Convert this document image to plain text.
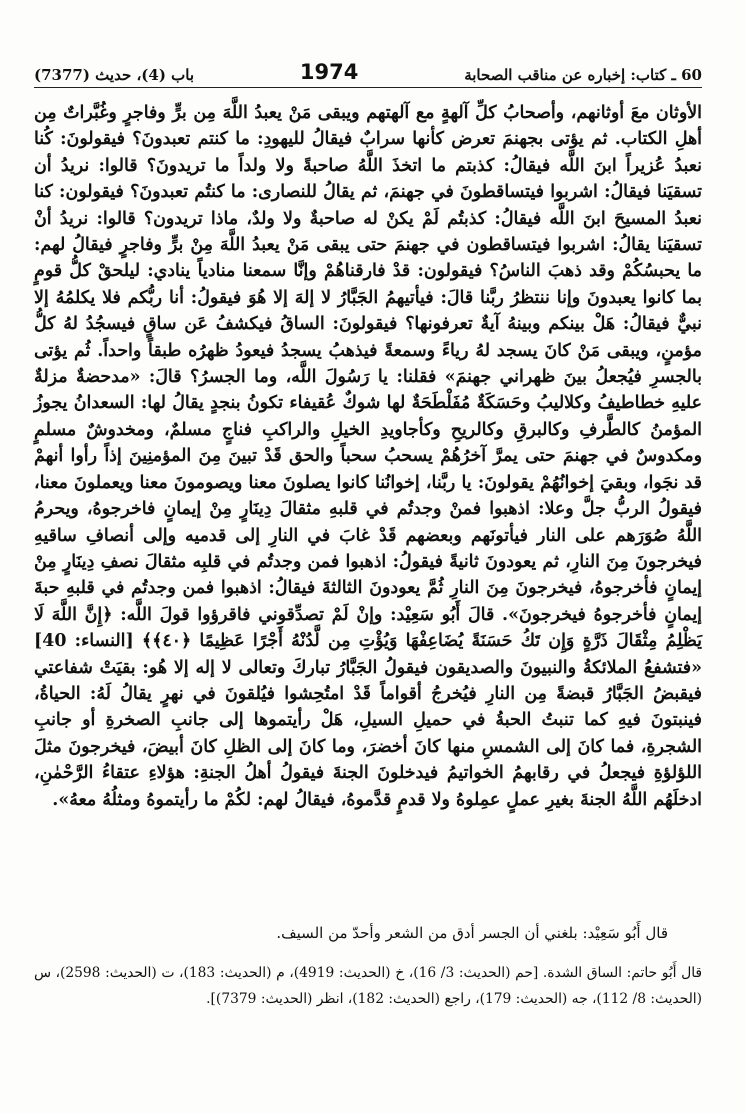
باب (4)، حديث (7377)	1974	60 ـ كتاب: إخباره عن مناقب الصحابة

الأوثان معَ أوثانهم، وأصحابُ كلِّ آلهةٍ مع آلهتهم ويبقى مَنْ يعبدُ اللَّهَ مِن برٍّ وفاجرٍ وغُبَّراتٌ مِن أهلِ الكتاب. ثم يؤتى بجهنمَ تعرض كأنها سرابٌ فيقالُ لليهودِ: ما كنتم تعبدونَ؟ فيقولونَ: كُنا نعبدُ عُزيراً ابنَ اللَّه فيقالُ: كذبتم ما اتخذَ اللَّهُ صاحبةً ولا ولداً ما تريدونَ؟ قالوا: نريدُ أن تسقيَنا فيقالُ: اشربوا فيتساقطونَ في جهنمَ، ثم يقالُ للنصارى: ما كنتُم تعبدونَ؟ فيقولون: كنا نعبدُ المسيحَ ابنَ اللَّه فيقالُ: كذبتُم لَمْ يكنْ له صاحبةٌ ولا ولدٌ، ماذا تريدون؟ قالوا: نريدُ أنْ تسقيَنا يقالُ: اشربوا فيتساقطون في جهنمَ حتى يبقى مَنْ يعبدُ اللَّهَ مِنْ برٍّ وفاجرٍ فيقالُ لهم: ما يحبسُكُمْ وقد ذهبَ الناسُ؟ فيقولون: قدْ فارقناهُمْ وإنَّا سمعنا منادياً ينادي: ليلحقْ كلُّ قومٍ بما كانوا يعبدونَ وإنا ننتظرُ ربَّنا قالَ: فيأتيهمُ الجَبَّارُ لا إلهَ إلا هُوَ فيقولُ: أنا ربُّكم فلا يكلمُهُ إلا نبيٌّ فيقالُ: هَلْ بينكم وبينهُ آيةٌ تعرفونها؟ فيقولونَ: الساقُ فيكشفُ عَن ساقٍ فيسجُدُ لهُ كلُّ مؤمنٍ، ويبقى مَنْ كانَ يسجد لهُ رياءً وسمعةً فيذهبُ يسجدُ فيعودُ ظهرُه طبقاً واحداً. ثُم يؤتى بالجسرِ فيُجعلُ بينَ ظهراني جهنمَ» فقلنا: يا رَسُولَ اللَّه، وما الجسرُ؟ قالَ: «مدحضةٌ مزلةٌ عليهِ خطاطيفُ وكلاليبُ وحَسَكَةٌ مُفَلْطَحَةٌ لها شوكٌ عُقيفاء تكونُ بنجدٍ يقالُ لها: السعدانُ يجوزُ المؤمنُ كالطَّرفِ وكالبرقِ وكالريحِ وكأجاويدِ الخيلِ والراكبِ فناجٍ مسلمٌ، ومخدوشٌ مسلمٍ ومكدوسٌ في جهنمَ حتى يمرَّ آخرُهُمْ يسحبُ سحباً والحق قَدْ تبينَ مِنَ المؤمنِينَ إذاً رأوا أنهمْ قد نجَوا، وبقيَ إخوانُهُمْ يقولونَ: يا ربَّنا، إخوانُنا كانوا يصلونَ معنا ويصومونَ معنا ويعملونَ معنا، فيقولُ الربُّ جلَّ وعلا: اذهبوا فمنْ وجدتُم في قلبهِ مثقالَ دِينَارٍ مِنْ إيمانٍ فاخرجوهُ، ويحرمُ اللَّهُ صُوَرَهم على النار فيأتونَهم وبعضهم قَدْ غابَ في النارِ إلى قدميه وإلى أنصافِ ساقيهِ فيخرجونَ مِنَ النارِ، ثم يعودونَ ثانيةً فيقولُ: اذهبوا فمن وجدتُم في قلبِه مثقالَ نصفِ دِينَارٍ مِنْ إيمانٍ فأخرجوهُ، فيخرجونَ مِنَ النارِ ثُمَّ يعودونَ الثالثةَ فيقالُ: اذهبوا فمن وجدتُم في قلبهِ حبةَ إيمانٍ فأخرجوهُ فيخرجونَ». قالَ أَبُو سَعِيْد: وإنْ لَمْ تصدِّقوني فاقرؤوا قولَ اللَّه: ﴿إِنَّ اللَّهَ لَا يَظْلِمُ مِثْقَالَ ذَرَّةٍ وَإِن تَكُ حَسَنَةً يُضَاعِفْهَا وَيُؤْتِ مِن لَّدُنْهُ أَجْرًا عَظِيمًا ﴿٤٠﴾﴾ [النساء: 40] «فتشفعُ الملائكةُ والنبيونَ والصديقون فيقولُ الجَبَّارُ تباركَ وتعالى لا إله إلا هُو: بقيَتْ شفاعتي فيقبضُ الجَبَّارُ قبضةً مِن النارِ فيُخرجُ أقواماً قَدْ امتُحِشوا فيُلقونَ في نهرٍ يقالُ لَهُ: الحياةُ، فينبتونَ فيهِ كما تنبتُ الحبةُ في حميلِ السيلِ، هَلْ رأيتموها إلى جانبِ الصخرةِ أو جانبِ الشجرةِ، فما كانَ إلى الشمسِ منها كانَ أخضرَ، وما كانَ إلى الظلِ كانَ أبيضَ، فيخرجونَ مثلَ اللؤلؤةِ فيجعلُ في رقابهمُ الخواتيمُ فيدخلونَ الجنةَ فيقولُ أهلُ الجنةِ: هؤلاءِ عتقاءُ الرَّحْمٰنِ، ادخلَهُم اللَّهُ الجنةَ بغيرِ عملٍ عمِلوهُ ولا قدمٍ قدَّموهُ، فيقالُ لهم: لكُمْ ما رأيتموهُ ومثلُهُ معهُ».

قال أَبُو سَعِيْد: بلغني أن الجسر أدق من الشعر وأحدّ من السيف.

قال أَبُو حاتم: الساق الشدة. [حم (الحديث: 3/ 16)، خ (الحديث: 4919)، م (الحديث: 183)، ت (الحديث: 2598)، س (الحديث: 8/ 112)، جه (الحديث: 179)، راجع (الحديث: 182)، انظر (الحديث: 7379)].
